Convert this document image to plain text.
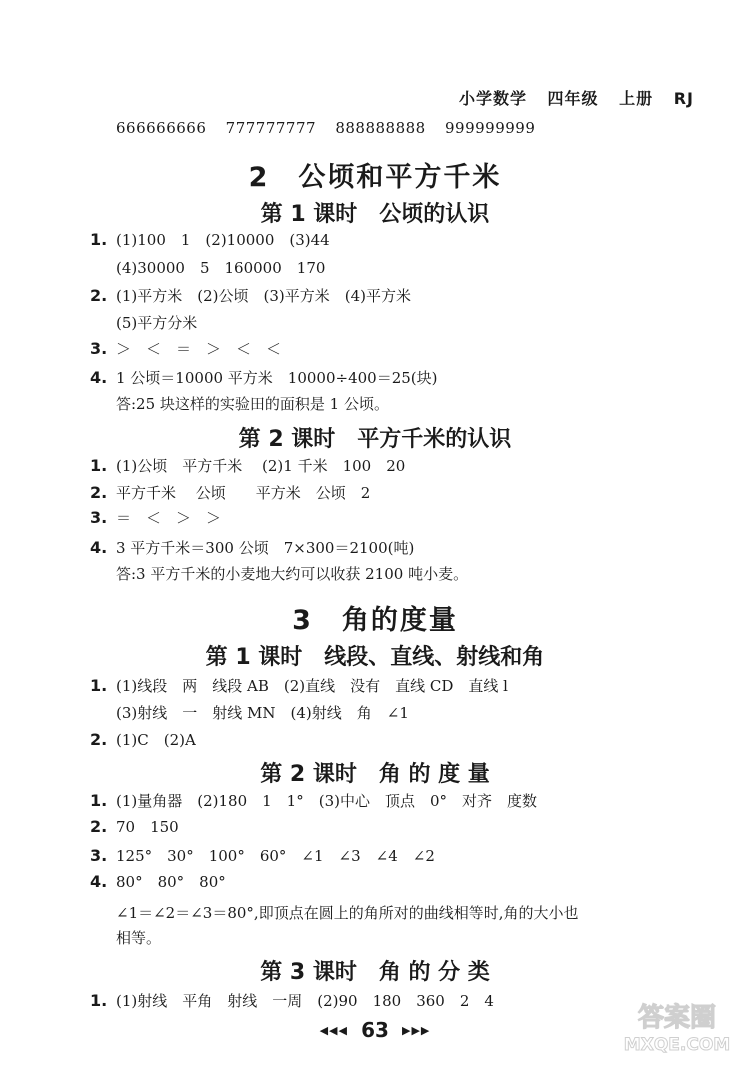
小学数学 四年级 上册 RJ
666666666 777777777 888888888 999999999
2　公顷和平方千米
第 1 课时　公顷的认识
1. (1)100　1　(2)10000　(3)44
(4)30000　5　160000　170
2. (1)平方米　(2)公顷　(3)平方米　(4)平方米
(5)平方分米
3. ＞　＜　＝　＞　＜　＜
4. 1 公顷＝10000 平方米　10000÷400＝25(块)
答:25 块这样的实验田的面积是 1 公顷。
第 2 课时　平方千米的认识
1. (1)公顷　平方千米　 (2)1 千米　100　20
2. 平方千米　 公顷　　平方米　公顷　2
3. ＝　＜　＞　＞
4. 3 平方千米＝300 公顷　7×300＝2100(吨)
答:3 平方千米的小麦地大约可以收获 2100 吨小麦。
3　角的度量
第 1 课时　线段、直线、射线和角
1. (1)线段　两　线段 AB　(2)直线　没有　直线 CD　直线 l
(3)射线　一　射线 MN　(4)射线　角　∠1
2. (1)C　(2)A
第 2 课时　角 的 度 量
1. (1)量角器　(2)180　1　1°　(3)中心　顶点　0°　对齐　度数
2. 70　150
3. 125°　30°　100°　60°　∠1　∠3　∠4　∠2
4. 80°　80°　80°
∠1＝∠2＝∠3＝80°,即顶点在圆上的角所对的曲线相等时,角的大小也
相等。
第 3 课时　角 的 分 类
1. (1)射线　平角　射线　一周　(2)90　180　360　2　4
◀◀◀ 63 ▶▶▶	答案圈
MXQE.COM
